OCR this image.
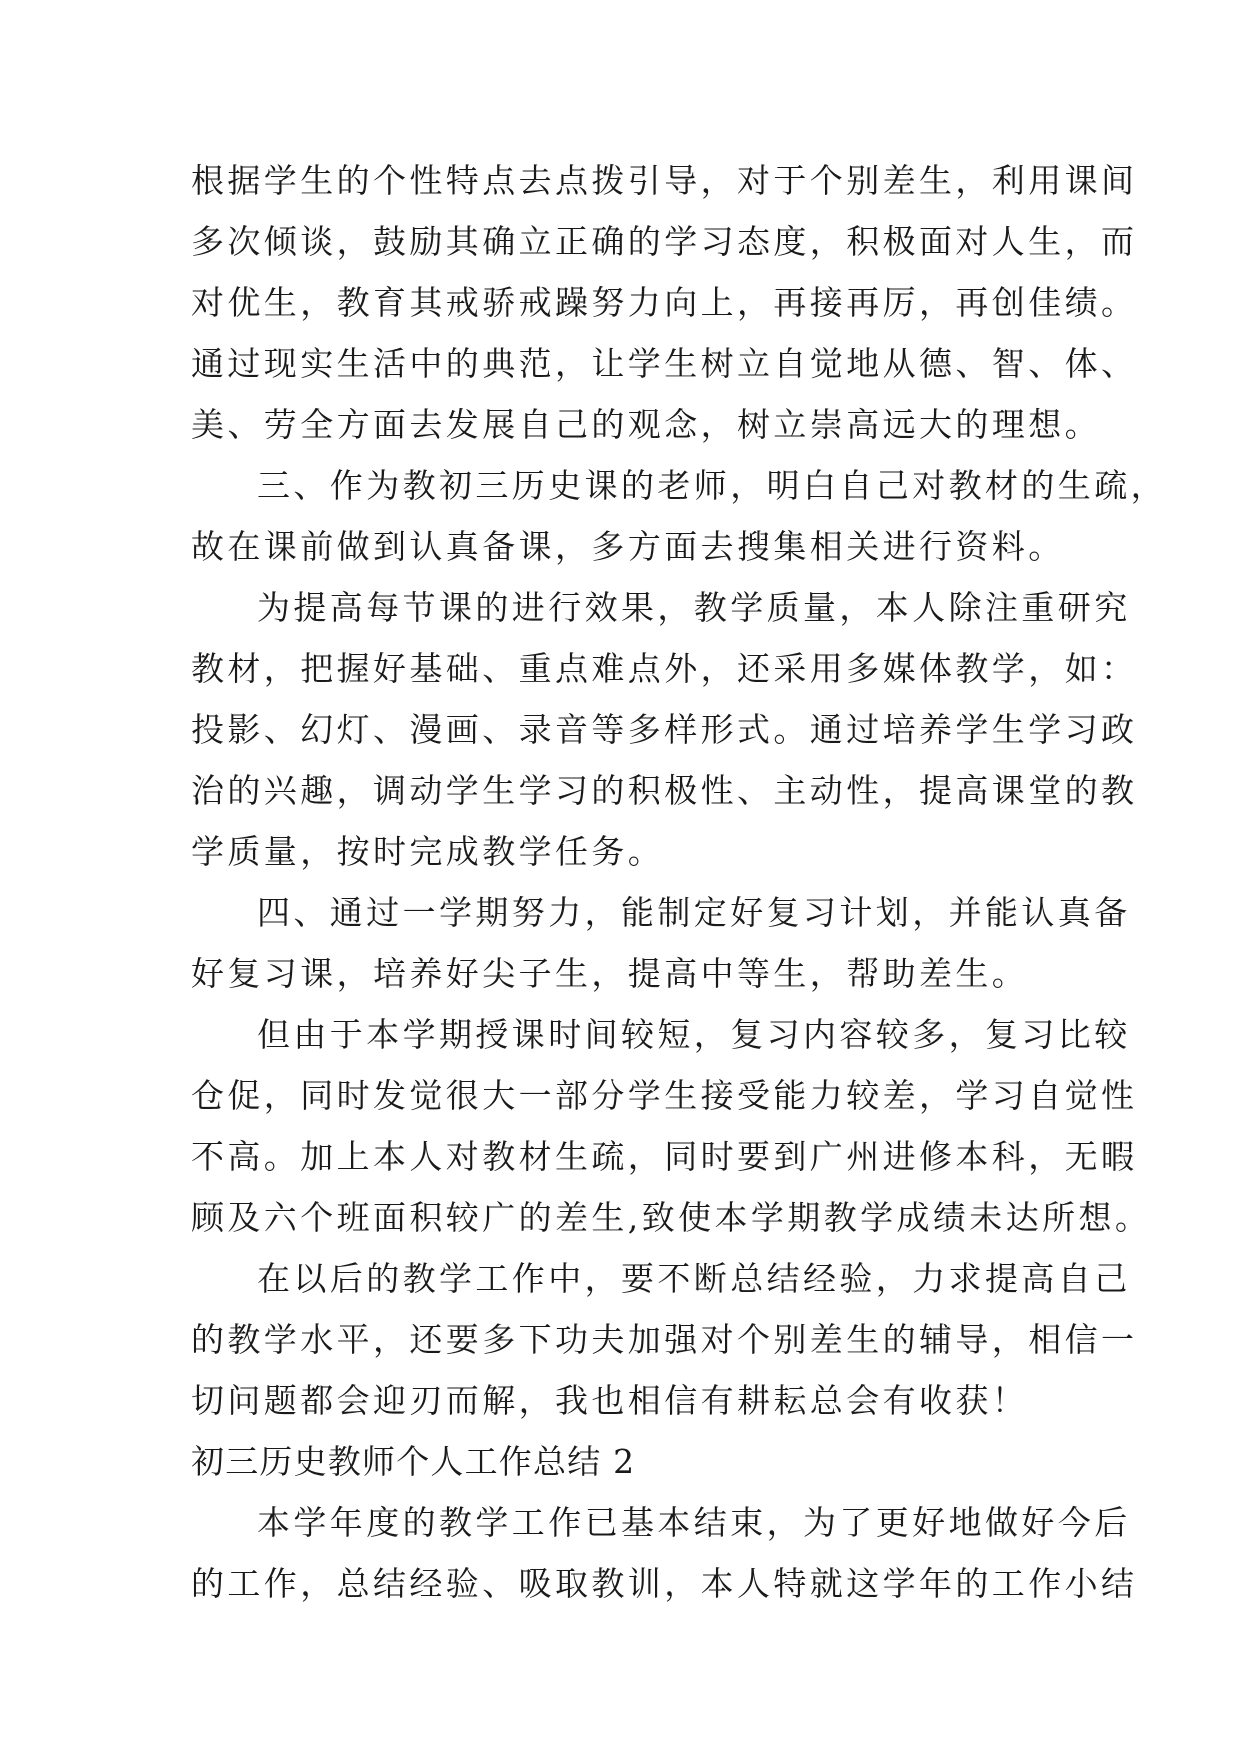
根据学生的个性特点去点拨引导，对于个别差生，利用课间
多次倾谈，鼓励其确立正确的学习态度，积极面对人生，而
对优生，教育其戒骄戒躁努力向上，再接再厉，再创佳绩。
通过现实生活中的典范，让学生树立自觉地从德、智、体、
美、劳全方面去发展自己的观念，树立崇高远大的理想。
三、作为教初三历史课的老师，明白自己对教材的生疏，
故在课前做到认真备课，多方面去搜集相关进行资料。
为提高每节课的进行效果，教学质量，本人除注重研究
教材，把握好基础、重点难点外，还采用多媒体教学，如：
投影、幻灯、漫画、录音等多样形式。通过培养学生学习政
治的兴趣，调动学生学习的积极性、主动性，提高课堂的教
学质量，按时完成教学任务。
四、通过一学期努力，能制定好复习计划，并能认真备
好复习课，培养好尖子生，提高中等生，帮助差生。
但由于本学期授课时间较短，复习内容较多，复习比较
仓促，同时发觉很大一部分学生接受能力较差，学习自觉性
不高。加上本人对教材生疏，同时要到广州进修本科，无暇
顾及六个班面积较广的差生,致使本学期教学成绩未达所想。
在以后的教学工作中，要不断总结经验，力求提高自己
的教学水平，还要多下功夫加强对个别差生的辅导，相信一
切问题都会迎刃而解，我也相信有耕耘总会有收获！
初三历史教师个人工作总结 2
本学年度的教学工作已基本结束，为了更好地做好今后
的工作，总结经验、吸取教训，本人特就这学年的工作小结
